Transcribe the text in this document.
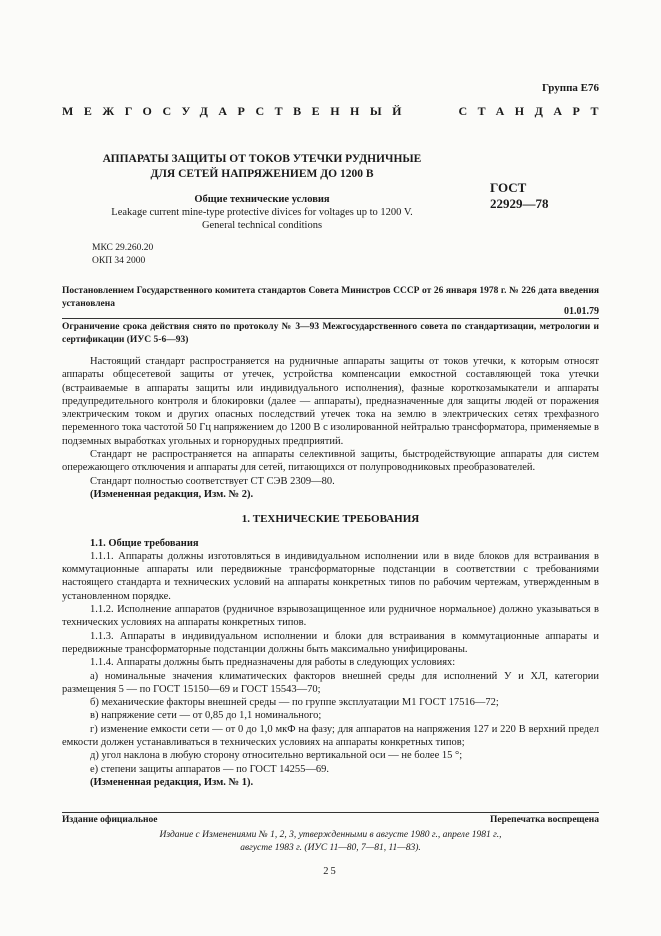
Группа Е76
МЕЖГОСУДАРСТВЕННЫЙ	СТАНДАРТ
АППАРАТЫ ЗАЩИТЫ ОТ ТОКОВ УТЕЧКИ РУДНИЧНЫЕ
ДЛЯ СЕТЕЙ НАПРЯЖЕНИЕМ ДО 1200 В
Общие технические условия
Leakage current mine-type protective divices for voltages up to 1200 V.
General technical conditions
ГОСТ
22929—78
МКС 29.260.20
ОКП 34 2000
Постановлением Государственного комитета стандартов Совета Министров СССР от 26 января 1978 г. № 226 дата введения установлена
01.01.79
Ограничение срока действия снято по протоколу № 3—93 Межгосударственного совета по стандартизации, метрологии и сертификации (ИУС 5-6—93)

Настоящий стандарт распространяется на рудничные аппараты защиты от токов утечки, к которым относят аппараты общесетевой защиты от утечек, устройства компенсации емкостной составляющей тока утечки (встраиваемые в аппараты защиты или индивидуального исполнения), фазные короткозамыкатели и аппараты предупредительного контроля и блокировки (далее — аппараты), предназначенные для защиты людей от поражения электрическим током и других опасных последствий утечек тока на землю в электрических сетях трехфазного переменного тока частотой 50 Гц напряжением до 1200 В с изолированной нейтралью трансформатора, применяемые в подземных выработках угольных и горнорудных предприятий.

Стандарт не распространяется на аппараты селективной защиты, быстродействующие аппараты для систем опережающего отключения и аппараты для сетей, питающихся от полупроводниковых преобразователей.

Стандарт полностью соответствует СТ СЭВ 2309—80.

(Измененная редакция, Изм. № 2).

1. ТЕХНИЧЕСКИЕ ТРЕБОВАНИЯ

1.1. Общие требования

1.1.1. Аппараты должны изготовляться в индивидуальном исполнении или в виде блоков для встраивания в коммутационные аппараты или передвижные трансформаторные подстанции в соответствии с требованиями настоящего стандарта и технических условий на аппараты конкретных типов по рабочим чертежам, утвержденным в установленном порядке.

1.1.2. Исполнение аппаратов (рудничное взрывозащищенное или рудничное нормальное) должно указываться в технических условиях на аппараты конкретных типов.

1.1.3. Аппараты в индивидуальном исполнении и блоки для встраивания в коммутационные аппараты и передвижные трансформаторные подстанции должны быть максимально унифицированы.

1.1.4. Аппараты должны быть предназначены для работы в следующих условиях:

а) номинальные значения климатических факторов внешней среды для исполнений У и ХЛ, категории размещения 5 — по ГОСТ 15150—69 и ГОСТ 15543—70;

б) механические факторы внешней среды — по группе эксплуатации М1 ГОСТ 17516—72;

в) напряжение сети — от 0,85 до 1,1 номинального;

г) изменение емкости сети — от 0 до 1,0 мкФ на фазу; для аппаратов на напряжения 127 и 220 В верхний предел емкости должен устанавливаться в технических условиях на аппараты конкретных типов;

д) угол наклона в любую сторону относительно вертикальной оси — не более 15 °;

е) степени защиты аппаратов — по ГОСТ 14255—69.

(Измененная редакция, Изм. № 1).

Издание официальное	Перепечатка воспрещена
Издание с Изменениями № 1, 2, 3, утвержденными в августе 1980 г., апреле 1981 г.,
августе 1983 г. (ИУС 11—80, 7—81, 11—83).
25
